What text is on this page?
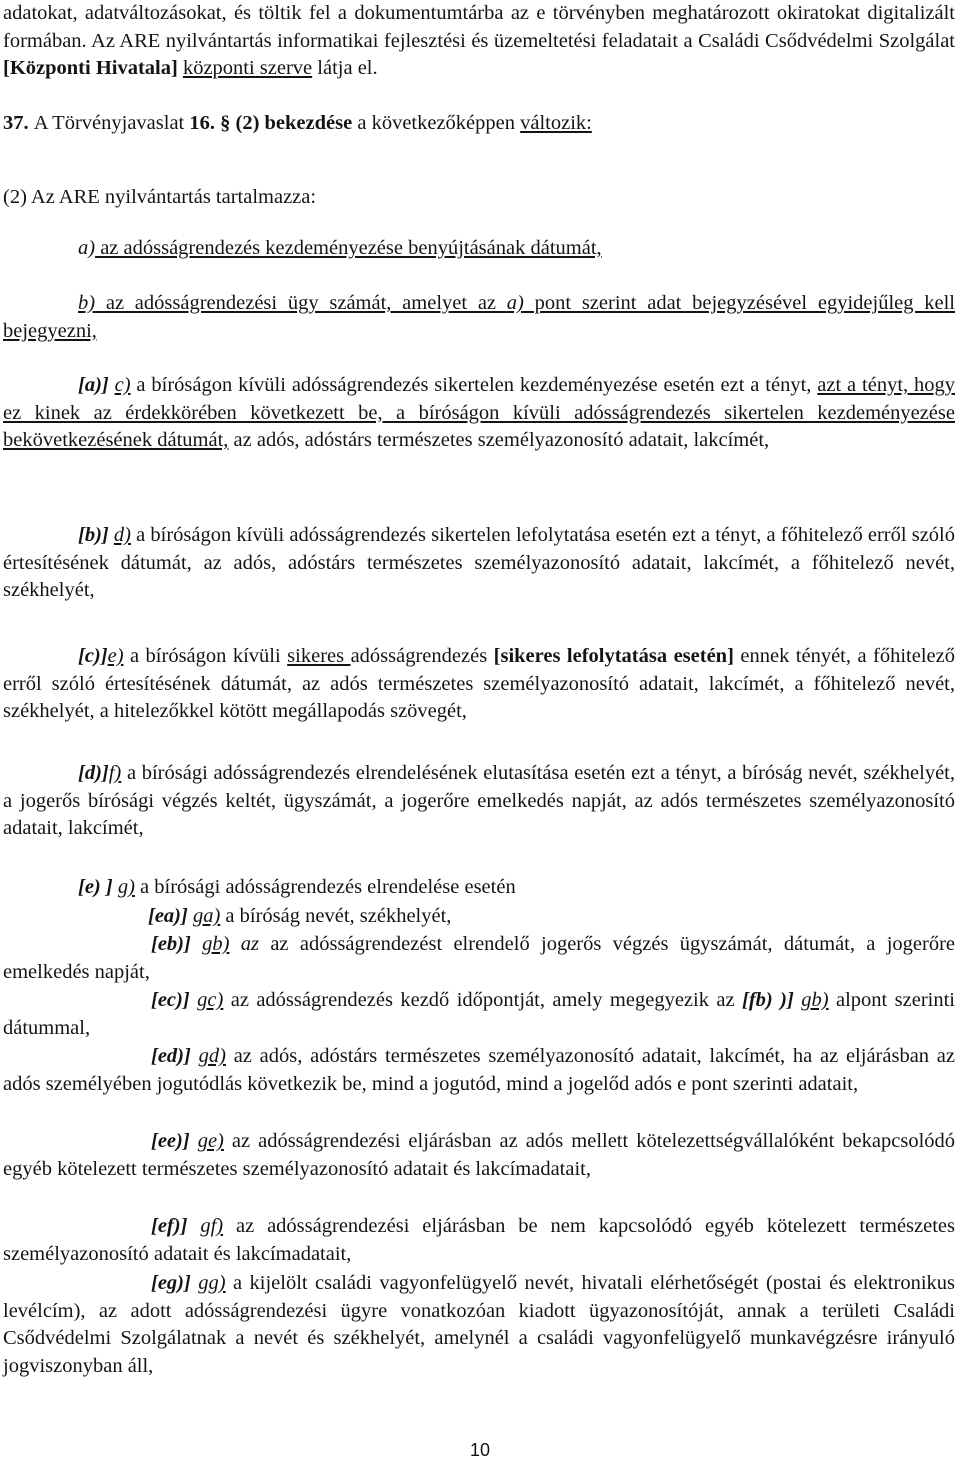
adatokat, adatváltozásokat, és töltik fel a dokumentumtárba az e törvényben meghatározott okiratokat digitalizált formában. Az ARE nyilvántartás informatikai fejlesztési és üzemeltetési feladatait a Családi Csődvédelmi Szolgálat [Központi Hivatala] központi szerve látja el.

37. A Törvényjavaslat 16. § (2) bekezdése a következőképpen változik:

(2) Az ARE nyilvántartás tartalmazza:

a) az adósságrendezés kezdeményezése benyújtásának dátumát,

b) az adósságrendezési ügy számát, amelyet az a) pont szerint adat bejegyzésével egyidejűleg kell bejegyezni,

[a)] c) a bíróságon kívüli adósságrendezés sikertelen kezdeményezése esetén ezt a tényt, azt a tényt, hogy ez kinek az érdekkörében következett be, a bíróságon kívüli adósságrendezés sikertelen kezdeményezése bekövetkezésének dátumát, az adós, adóstárs természetes személyazonosító adatait, lakcímét,

[b)] d) a bíróságon kívüli adósságrendezés sikertelen lefolytatása esetén ezt a tényt, a főhitelező erről szóló értesítésének dátumát, az adós, adóstárs természetes személyazonosító adatait, lakcímét, a főhitelező nevét, székhelyét,

[c)]e) a bíróságon kívüli sikeres adósságrendezés [sikeres lefolytatása esetén] ennek tényét, a főhitelező erről szóló értesítésének dátumát, az adós természetes személyazonosító adatait, lakcímét, a főhitelező nevét, székhelyét, a hitelezőkkel kötött megállapodás szövegét,

[d)]f) a bírósági adósságrendezés elrendelésének elutasítása esetén ezt a tényt, a bíróság nevét, székhelyét, a jogerős bírósági végzés keltét, ügyszámát, a jogerőre emelkedés napját, az adós természetes személyazonosító adatait, lakcímét,

[e) ] g) a bírósági adósságrendezés elrendelése esetén

[ea)] ga) a bíróság nevét, székhelyét,

[eb)] gb) az az adósságrendezést elrendelő jogerős végzés ügyszámát, dátumát, a jogerőre emelkedés napját,

[ec)] gc) az adósságrendezés kezdő időpontját, amely megegyezik az [fb) )] gb) alpont szerinti dátummal,

[ed)] gd) az adós, adóstárs természetes személyazonosító adatait, lakcímét, ha az eljárásban az adós személyében jogutódlás következik be, mind a jogutód, mind a jogelőd adós e pont szerinti adatait,

[ee)] ge) az adósságrendezési eljárásban az adós mellett kötelezettségvállalóként bekapcsolódó egyéb kötelezett természetes személyazonosító adatait és lakcímadatait,

[ef)] gf) az adósságrendezési eljárásban be nem kapcsolódó egyéb kötelezett természetes személyazonosító adatait és lakcímadatait,

[eg)] gg) a kijelölt családi vagyonfelügyelő nevét, hivatali elérhetőségét (postai és elektronikus levélcím), az adott adósságrendezési ügyre vonatkozóan kiadott ügyazonosítóját, annak a területi Családi Csődvédelmi Szolgálatnak a nevét és székhelyét, amelynél a családi vagyonfelügyelő munkavégzésre irányuló jogviszonyban áll,

10
